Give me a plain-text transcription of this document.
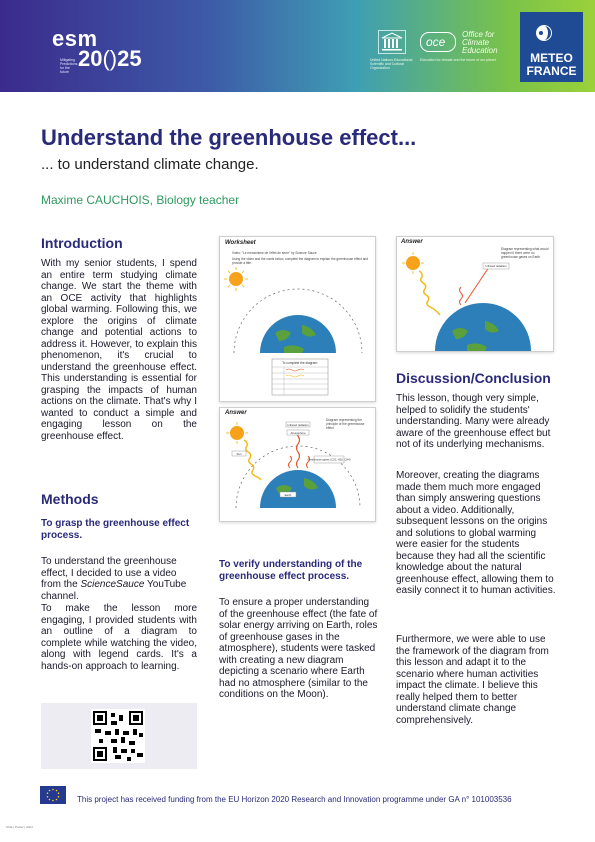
esm
20()25
Mitigating Predictions for the future
United Nations Educational, Scientific and Cultural Organization
oce
Office for Climate Education
Education for climate and the future of our planet	METEO
FRANCE
Understand the greenhouse effect...
... to understand climate change.
Maxime CAUCHOIS, Biology teacher
Introduction
With my senior students, I spend an entire term studying climate change. We start the theme with an OCE activity that highlights global warming. Following this, we explore the origins of climate change and potential actions to address it. However, to explain this phenomenon, it's crucial to understand the greenhouse effect. This understanding is essential for grasping the impacts of human actions on the climate. That's why I wanted to conduct a simple and engaging lesson on the greenhouse effect.
Methods
To grasp the greenhouse effect process.
To understand the greenhouse effect, I decided to use a video from the ScienceSauce YouTube channel.
To make the lesson more engaging, I provided students with an outline of a diagram to complete while watching the video, along with legend cards. It's a hands-on approach to learning.
To verify understanding of the greenhouse effect process.
To ensure a proper understanding of the greenhouse effect (the fate of solar energy arriving on Earth, roles of greenhouse gases in the atmosphere), students were tasked with creating a new diagram depicting a scenario where Earth had no atmosphere (similar to the conditions on the Moon).
Worksheet
Video: "Le mécanisme de l'effet de serre" by Science Sauce
Using the video and the cards below, complete the diagram to explain the greenhouse effect and provide a title.
To complete the diagram:
Answer
Diagram representing the principle of the greenhouse effect
Infrared radiation
Atmosphere
Greenhouse gases (CO2, H2O, CH4)
Sun
Earth
Answer
Diagram representing what would happen if there were no greenhouse gases on Earth
Infrared radiation
Discussion/Conclusion
This lesson, though very simple, helped to solidify the students' understanding. Many were already aware of the greenhouse effect but not of its underlying mechanisms.
Moreover, creating the diagrams made them much more engaged than simply answering questions about a video. Additionally, subsequent lessons on the origins and solutions to global warming were easier for the students because they had all the scientific knowledge about the natural greenhouse effect, allowing them to easily connect it to human activities.
Furthermore, we were able to use the framework of the diagram from this lesson and adapt it to the scenario where human activities impact the climate. I believe this really helped them to better understand climate change comprehensively.
This project has received funding from the EU Horizon 2020 Research and Innovation programme under GA n° 101003536
OCE | Poster | 2024
